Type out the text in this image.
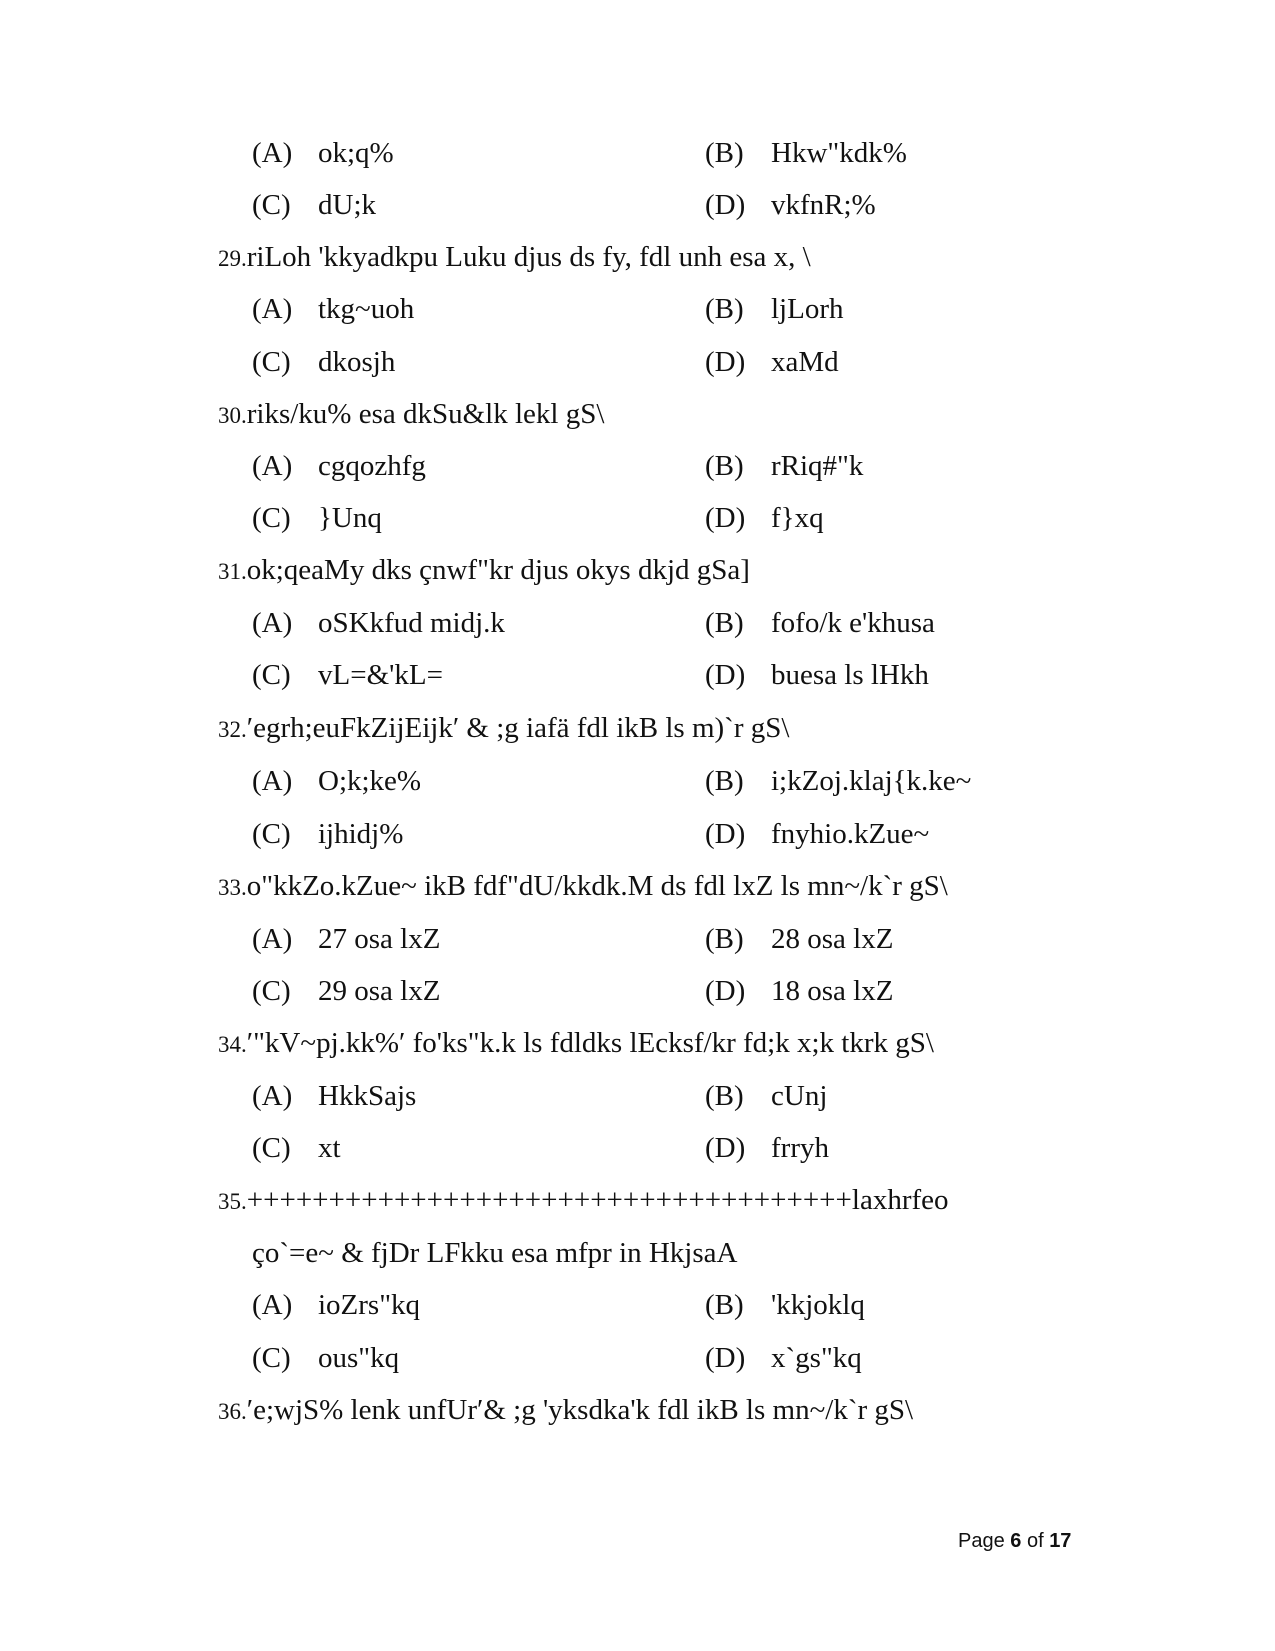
(A) ok;q%	(B) Hkw"kdk%
(C) dU;k	(D) vkfnR;%
29.riLoh 'kkyadkpu Luku djus ds fy, fdl unh esa x, \
(A) tkg~uoh	(B) ljLorh
(C) dkosjh	(D) xaMd
30.riks/ku% esa dkSu&lk lekl gS\
(A) cgqozhfg	(B) rRiq#"k
(C) }Unq	(D) f}xq
31.ok;qeaMy dks çnwf"kr djus okys dkjd gSa]
(A) oSKkfud midj.k	(B) fofo/k e'khusa
(C) vL=&'kL=	(D) buesa ls lHkh
32.′egrh;euFkZijEijk′ & ;g iafä fdl ikB ls m)`r gS\
(A) O;k;ke%	(B) i;kZoj.klaj{k.ke~
(C) ijhidj%	(D) fnyhio.kZue~
33.o"kkZo.kZue~ ikB fdf"dU/kkdk.M ds fdl lxZ ls mn~/k`r gS\
(A) 27 osa lxZ	(B) 28 osa lxZ
(C) 29 osa lxZ	(D) 18 osa lxZ
34.′"kV~pj.kk%′ fo'ks"k.k ls fdldks lEcksf/kr fd;k x;k tkrk gS\
(A) HkkSajs	(B) cUnj
(C) xt	(D) frryh
35.+++++++++++++++++++++++++++++++++++++laxhrfeo
ço`=e~ & fjDr LFkku esa mfpr in HkjsaA
(A) ioZrs"kq	(B) 'kkjoklq
(C) ous"kq	(D) x`gs"kq
36.′e;wjS% lenk unfUr′& ;g 'yksdka'k fdl ikB ls mn~/k`r gS\
Page 6 of 17
